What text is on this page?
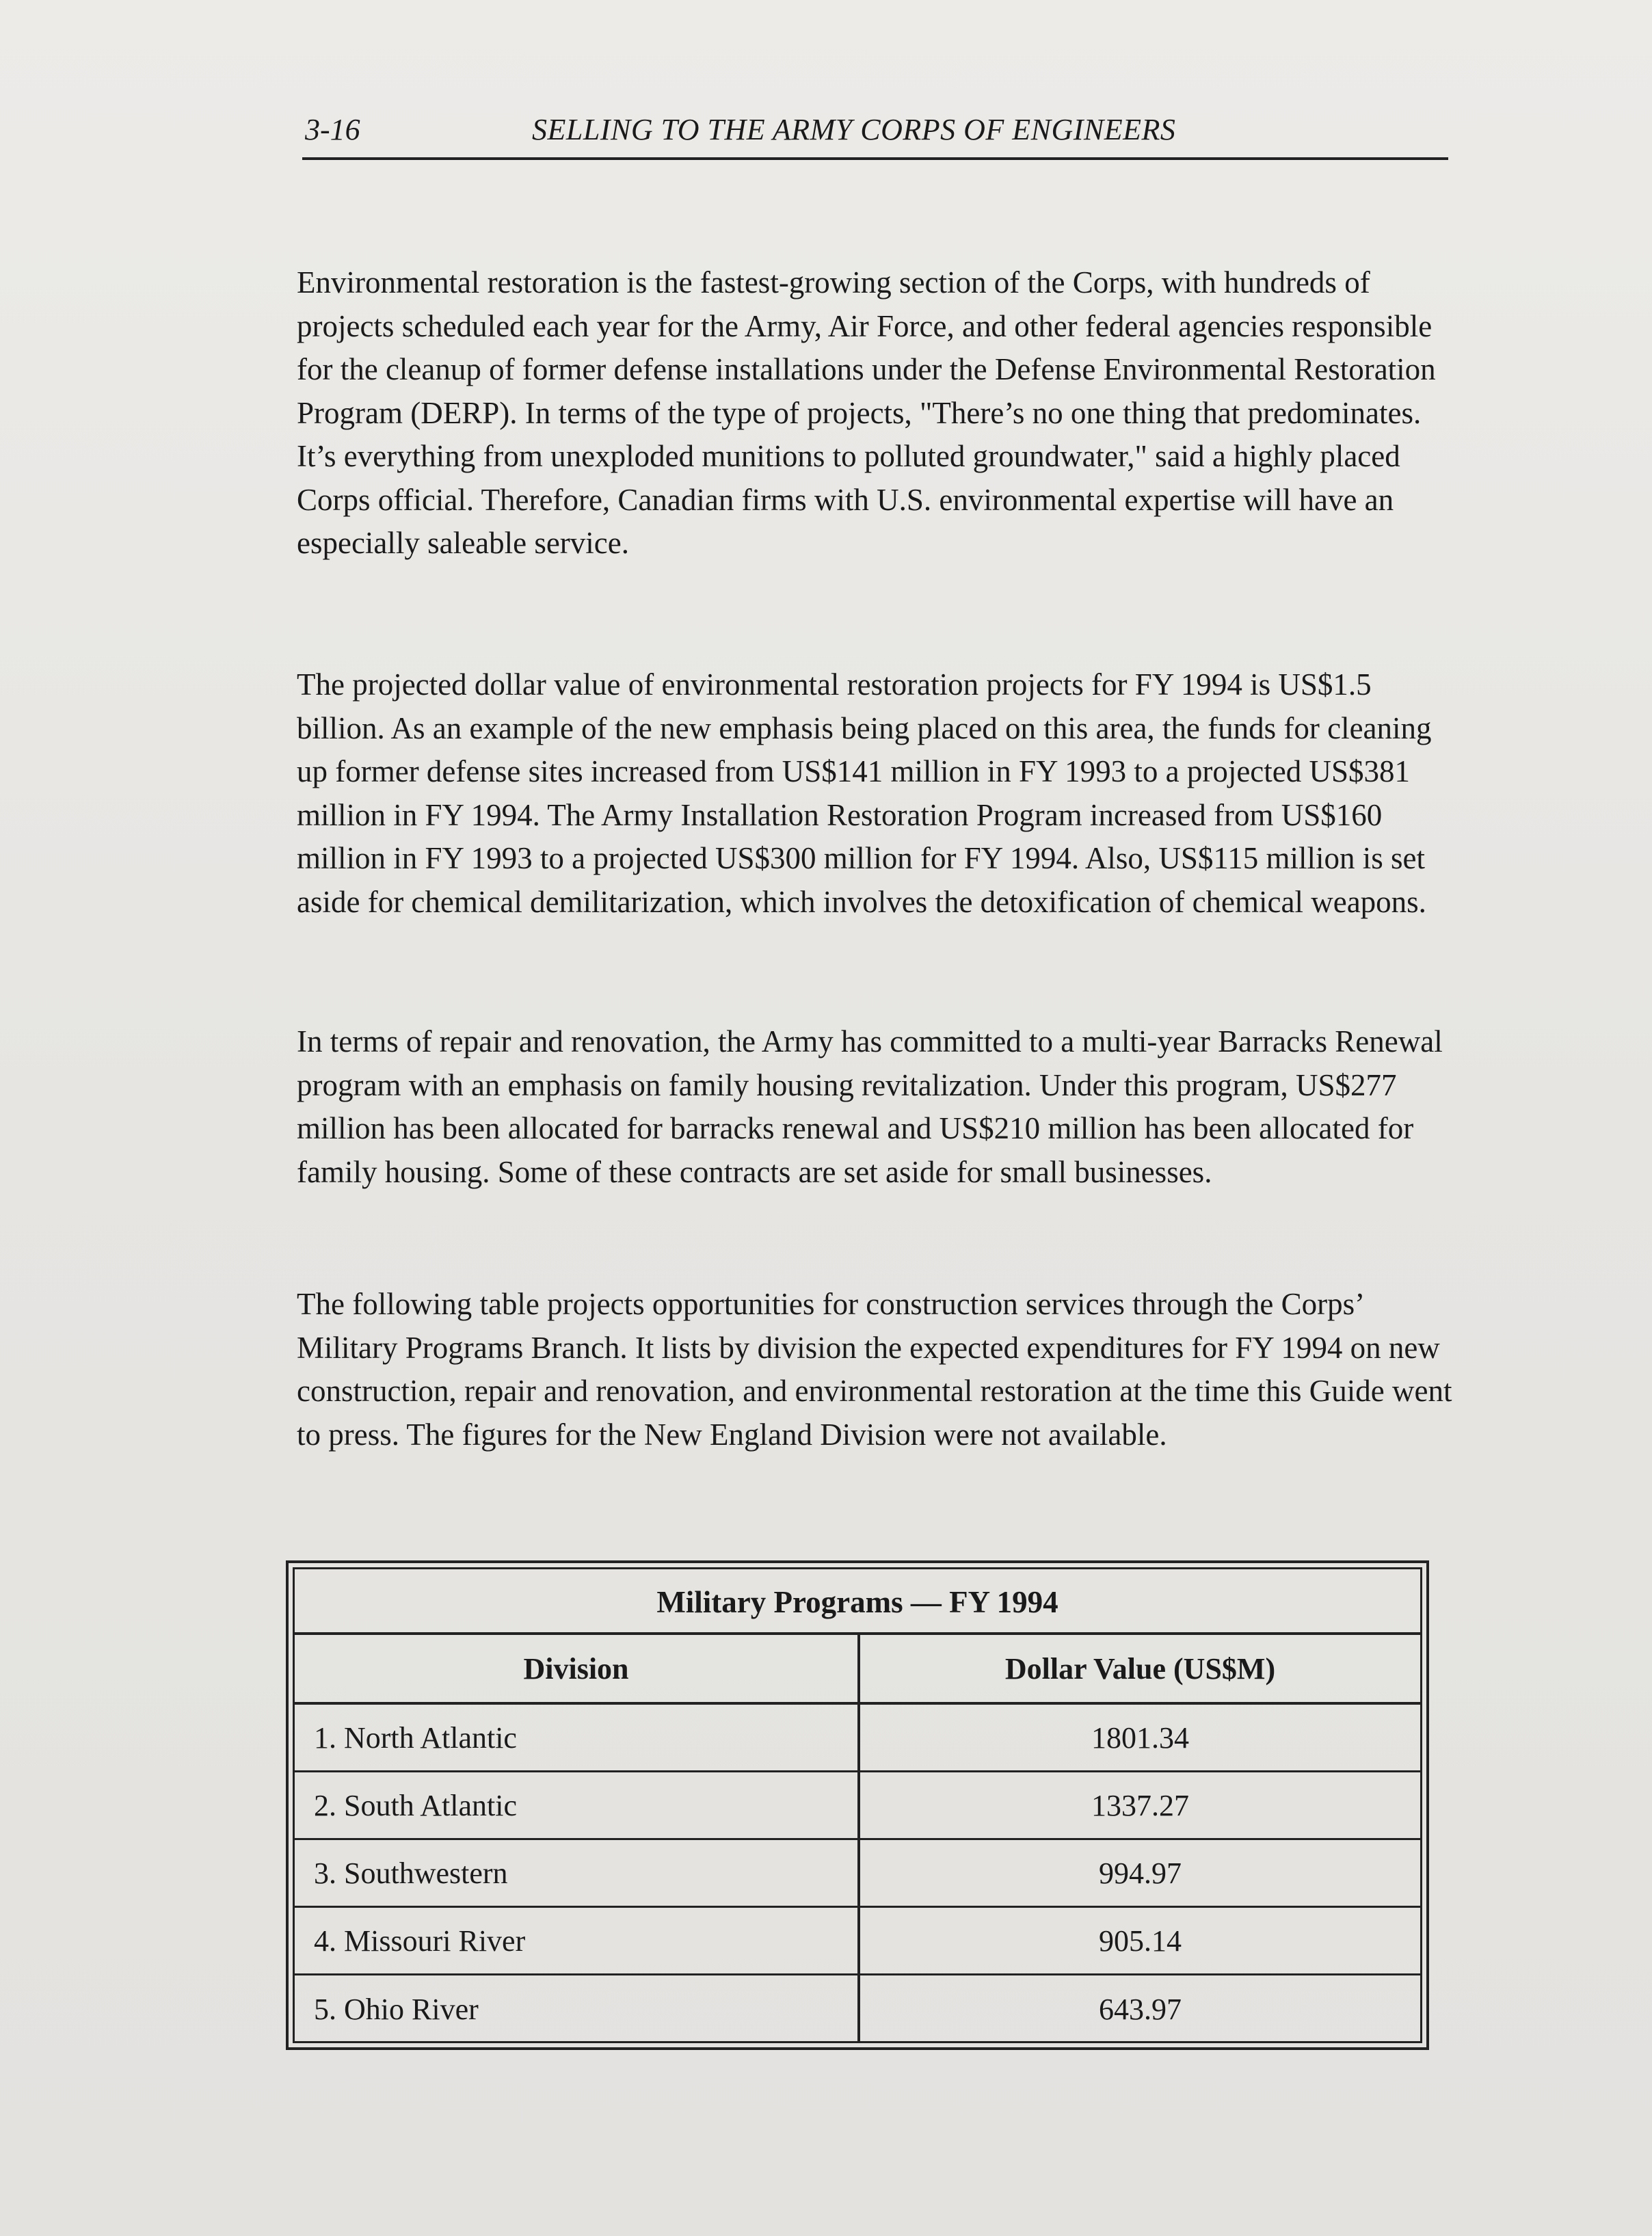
3-16	SELLING TO THE ARMY CORPS OF ENGINEERS

Environmental restoration is the fastest-growing section of the Corps, with hundreds of projects scheduled each year for the Army, Air Force, and other federal agencies responsible for the cleanup of former defense installations under the Defense Environmental Restoration Program (DERP). In terms of the type of projects, "There’s no one thing that predominates. It’s everything from unexploded munitions to polluted groundwater," said a highly placed Corps official. Therefore, Canadian firms with U.S. environmental expertise will have an especially saleable service.

The projected dollar value of environmental restoration projects for FY 1994 is US$1.5 billion. As an example of the new emphasis being placed on this area, the funds for cleaning up former defense sites increased from US$141 million in FY 1993 to a projected US$381 million in FY 1994. The Army Installation Restoration Program increased from US$160 million in FY 1993 to a projected US$300 million for FY 1994. Also, US$115 million is set aside for chemical demilitarization, which involves the detoxification of chemical weapons.

In terms of repair and renovation, the Army has committed to a multi-year Barracks Renewal program with an emphasis on family housing revitalization. Under this program, US$277 million has been allocated for barracks renewal and US$210 million has been allocated for family housing. Some of these contracts are set aside for small businesses.

The following table projects opportunities for construction services through the Corps’ Military Programs Branch. It lists by division the expected expenditures for FY 1994 on new construction, repair and renovation, and environmental restoration at the time this Guide went to press. The figures for the New England Division were not available.

Military Programs — FY 1994
Division	Dollar Value (US$M)
1. North Atlantic	1801.34
2. South Atlantic	1337.27
3. Southwestern	994.97
4. Missouri River	905.14
5. Ohio River	643.97
